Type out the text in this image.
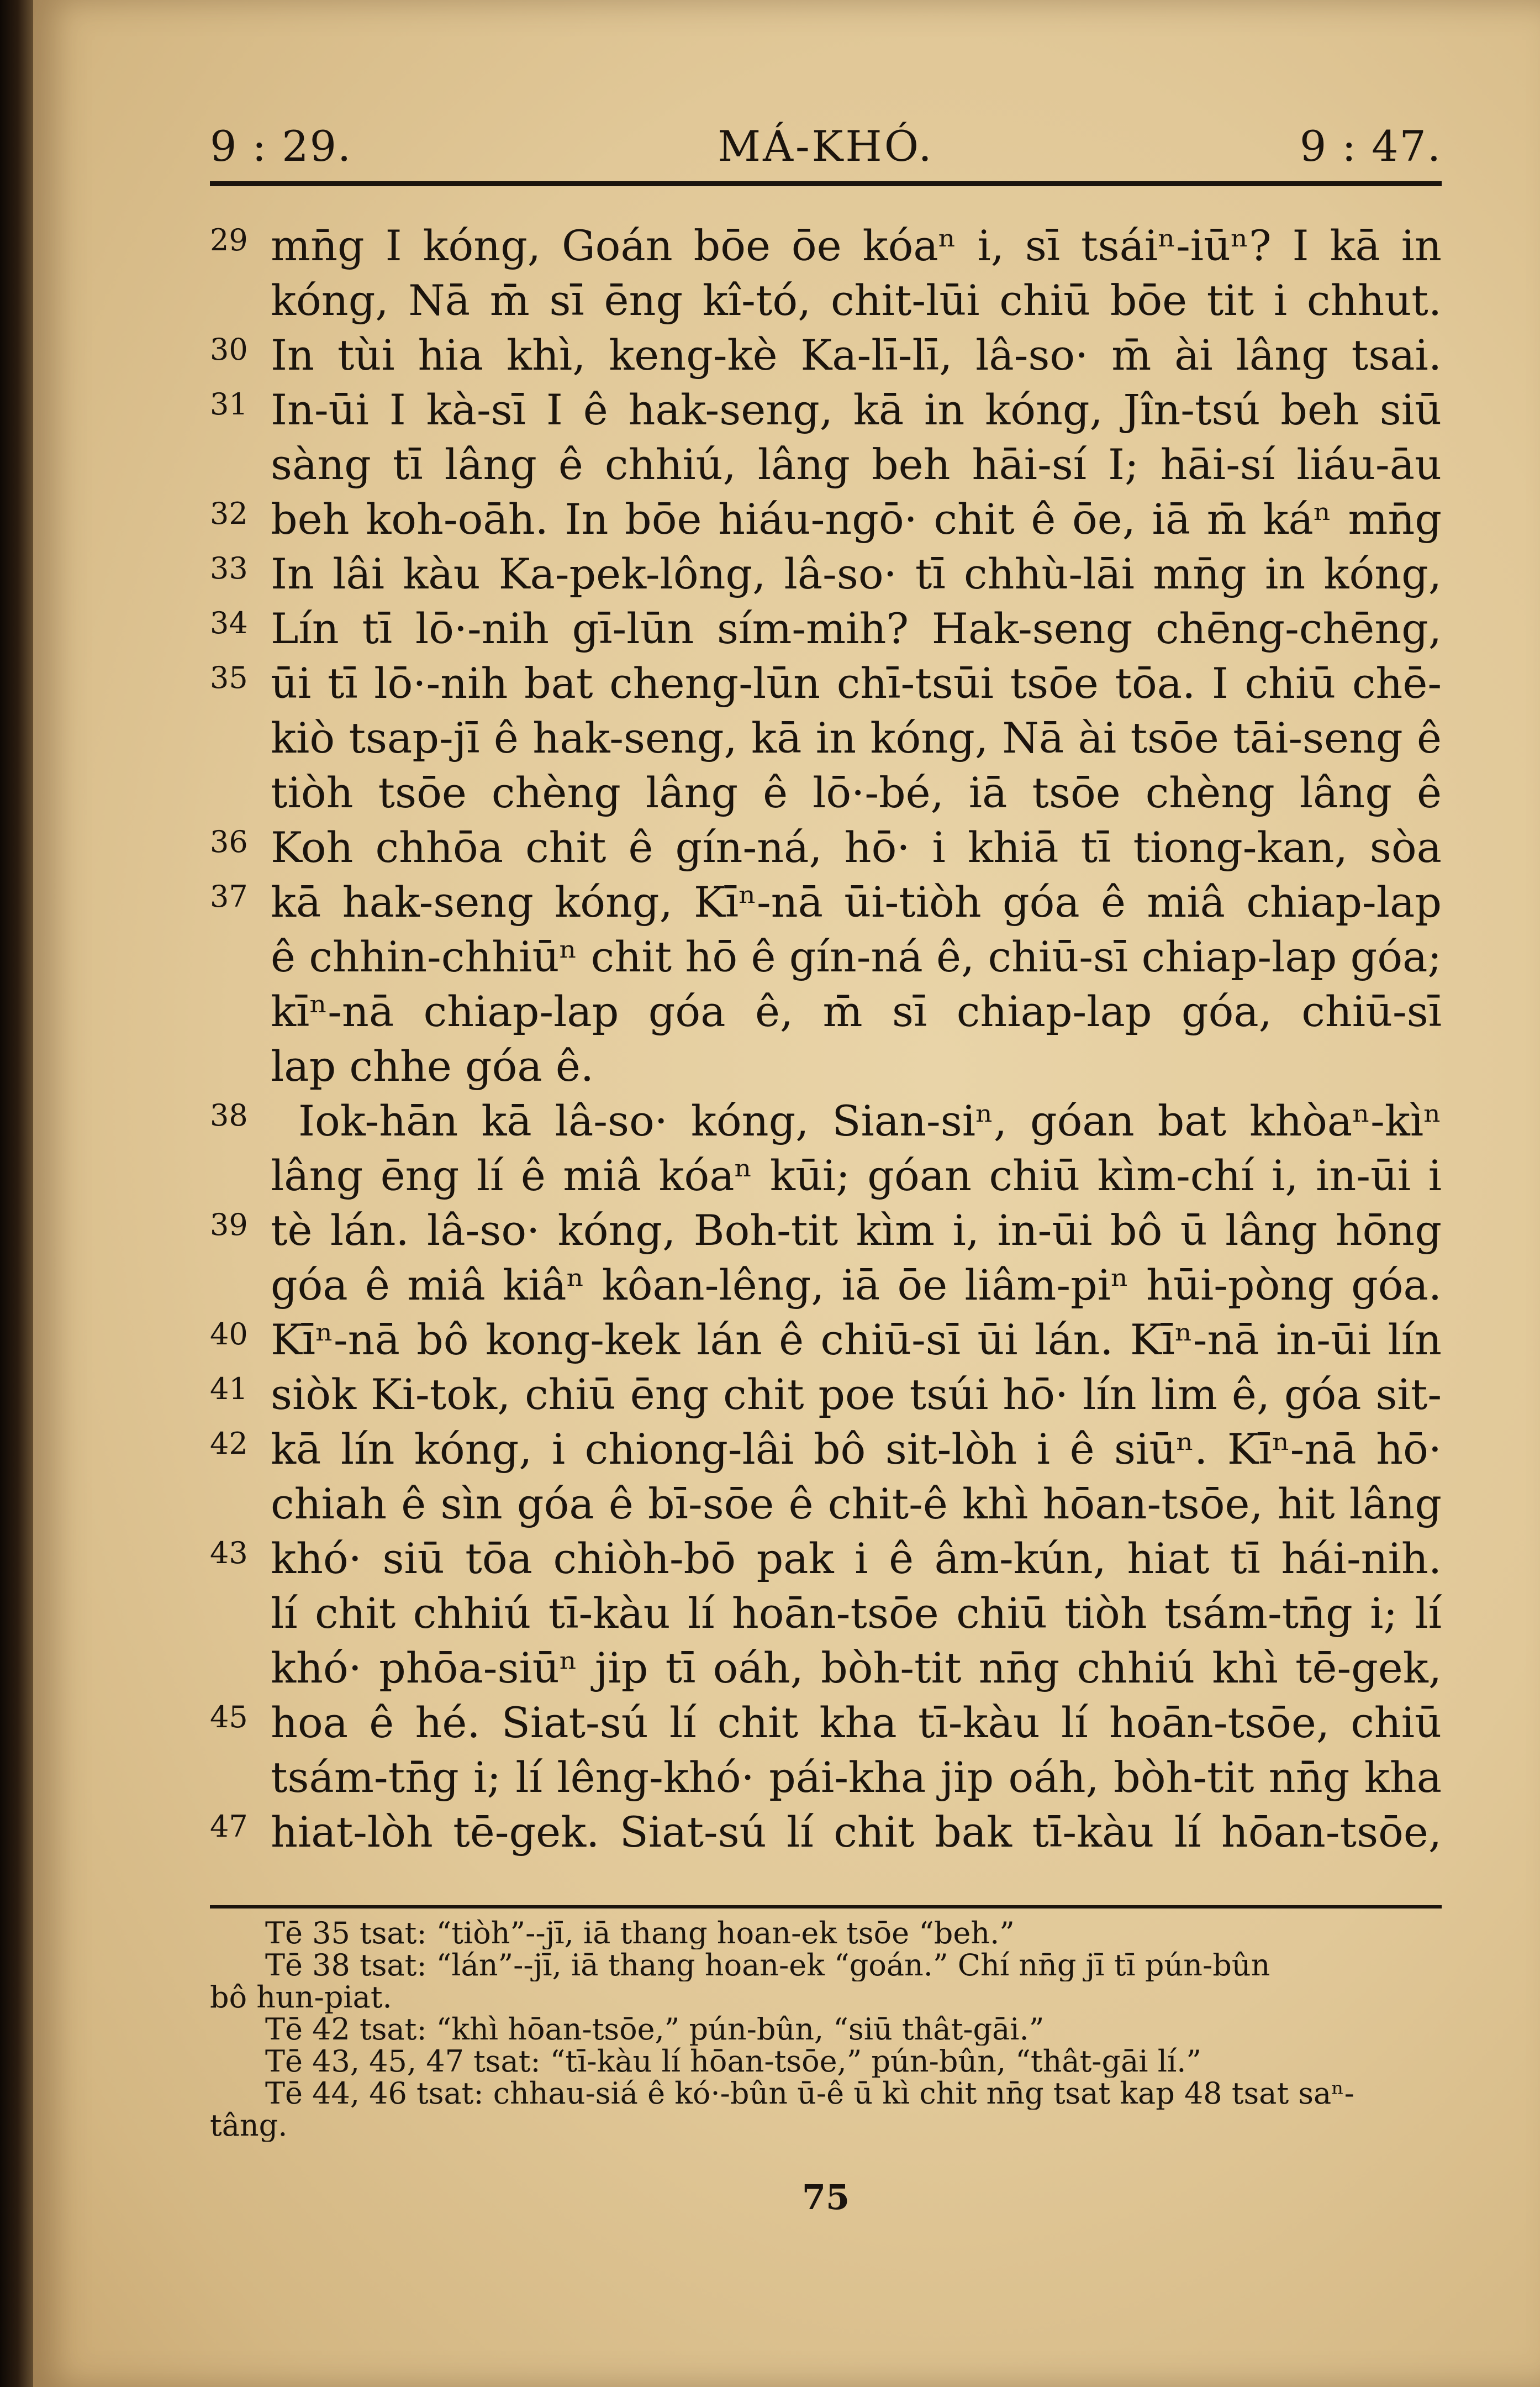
9 : 29.	MÁ-KHÓ.	9 : 47.
29 mn̄g I kóng, Goán bōe ōe kóaⁿ i, sī tsáiⁿ-iūⁿ? I kā in
kóng, Nā m̄ sī ēng kî-tó, chit-lūi chiū bōe tit i chhut.
30 In tùi hia khì, keng-kè Ka-lī-lī, lâ-so· m̄ ài lâng tsai.
31 In-ūi I kà-sī I ê hak-seng, kā in kóng, Jîn-tsú beh siū
sàng tī lâng ê chhiú, lâng beh hāi-sí I; hāi-sí liáu-āu
32 beh koh-oāh. In bōe hiáu-ngō· chit ê ōe, iā m̄ káⁿ mn̄g
33 In lâi kàu Ka-pek-lông, lâ-so· tī chhù-lāi mn̄g in kóng,
34 Lín tī lō·-nih gī-lūn sím-mih? Hak-seng chēng-chēng,
35 ūi tī lō·-nih bat cheng-lūn chī-tsūi tsōe tōa. I chiū chē-
kiò tsap-jī ê hak-seng, kā in kóng, Nā ài tsōe tāi-seng ê
tiòh tsōe chèng lâng ê lō·-bé, iā tsōe chèng lâng ê
36 Koh chhōa chit ê gín-ná, hō· i khiā tī tiong-kan, sòa
37 kā hak-seng kóng, Kīⁿ-nā ūi-tiòh góa ê miâ chiap-lap
ê chhin-chhiūⁿ chit hō ê gín-ná ê, chiū-sī chiap-lap góa;
kīⁿ-nā chiap-lap góa ê, m̄ sī chiap-lap góa, chiū-sī
lap chhe góa ê.
38	Iok-hān kā lâ-so· kóng, Sian-siⁿ, góan bat khòaⁿ-kìⁿ
lâng ēng lí ê miâ kóaⁿ kūi; góan chiū kìm-chí i, in-ūi i
39 tè lán. lâ-so· kóng, Boh-tit kìm i, in-ūi bô ū lâng hōng
góa ê miâ kiâⁿ kôan-lêng, iā ōe liâm-piⁿ hūi-pòng góa.
40 Kīⁿ-nā bô kong-kek lán ê chiū-sī ūi lán. Kīⁿ-nā in-ūi lín
41 siòk Ki-tok, chiū ēng chit poe tsúi hō· lín lim ê, góa sit-
42 kā lín kóng, i chiong-lâi bô sit-lòh i ê siūⁿ. Kīⁿ-nā hō·
chiah ê sìn góa ê bī-sōe ê chit-ê khì hōan-tsōe, hit lâng
43 khó· siū tōa chiòh-bō pak i ê âm-kún, hiat tī hái-nih.
lí chit chhiú tī-kàu lí hoān-tsōe chiū tiòh tsám-tn̄g i; lí
khó· phōa-siūⁿ jip tī oáh, bòh-tit nn̄g chhiú khì tē-gek,
45 hoa ê hé. Siat-sú lí chit kha tī-kàu lí hoān-tsōe, chiū
tsám-tn̄g i; lí lêng-khó· pái-kha jip oáh, bòh-tit nn̄g kha
47 hiat-lòh tē-gek. Siat-sú lí chit bak tī-kàu lí hōan-tsōe,
Tē 35 tsat: “tiòh”--jī, iā thang hoan-ek tsōe “beh.”
Tē 38 tsat: “lán”--jī, iā thang hoan-ek “goán.” Chí nn̄g jī tī pún-bûn
bô hun-piat.
Tē 42 tsat: “khì hōan-tsōe,” pún-bûn, “siū thât-gāi.”
Tē 43, 45, 47 tsat: “tī-kàu lí hōan-tsōe,” pún-bûn, “thât-gāi lí.”
Tē 44, 46 tsat: chhau-siá ê kó·-bûn ū-ê ū kì chit nn̄g tsat kap 48 tsat saⁿ-
tâng.
75
